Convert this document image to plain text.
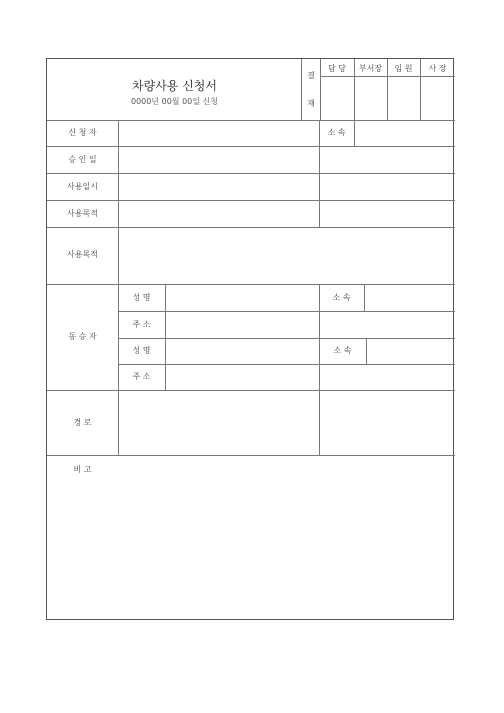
차량사용 신청서
0000년 00월 00일 신청
결
재
담 당	부서장	임 원	사 장
신 청 자	소 속
승 인 일
사용일시
사용목적
사용목적
동 승 자
성 명	소 속
주 소
성 명	소 속
주 소
경 로
비 고
